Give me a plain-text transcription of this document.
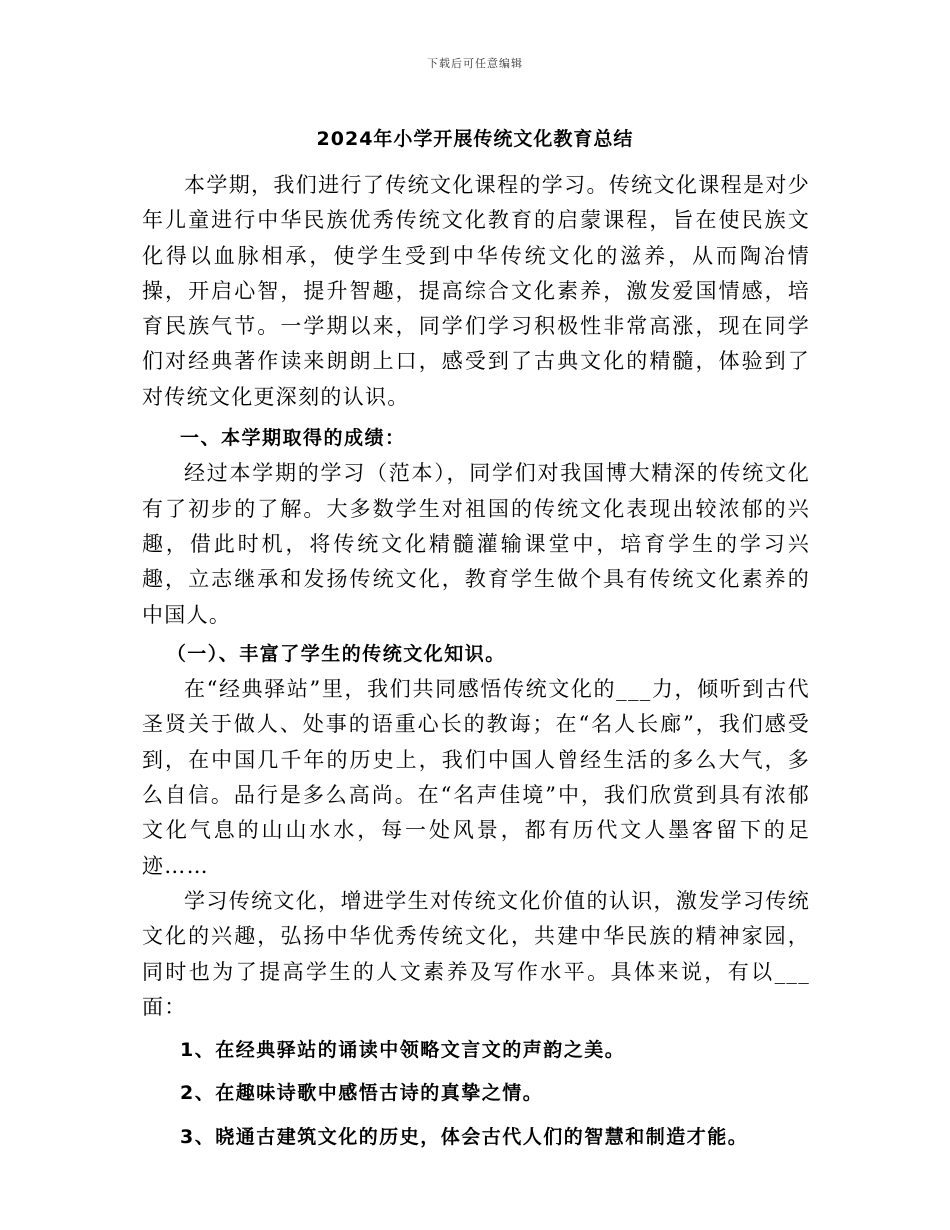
下载后可任意编辑
2024年小学开展传统文化教育总结

本学期，我们进行了传统文化课程的学习。传统文化课程是对少年儿童进行中华民族优秀传统文化教育的启蒙课程，旨在使民族文化得以血脉相承，使学生受到中华传统文化的滋养，从而陶冶情操，开启心智，提升智趣，提高综合文化素养，激发爱国情感，培育民族气节。一学期以来，同学们学习积极性非常高涨，现在同学们对经典著作读来朗朗上口，感受到了古典文化的精髓，体验到了对传统文化更深刻的认识。

一、本学期取得的成绩：

经过本学期的学习（范本），同学们对我国博大精深的传统文化有了初步的了解。大多数学生对祖国的传统文化表现出较浓郁的兴趣，借此时机，将传统文化精髓灌输课堂中，培育学生的学习兴趣，立志继承和发扬传统文化，教育学生做个具有传统文化素养的中国人。

（一）、丰富了学生的传统文化知识。

在“经典驿站”里，我们共同感悟传统文化的___力，倾听到古代圣贤关于做人、处事的语重心长的教诲；在“名人长廊”，我们感受到，在中国几千年的历史上，我们中国人曾经生活的多么大气，多么自信。品行是多么高尚。在“名声佳境”中，我们欣赏到具有浓郁文化气息的山山水水，每一处风景，都有历代文人墨客留下的足迹……

学习传统文化，增进学生对传统文化价值的认识，激发学习传统文化的兴趣，弘扬中华优秀传统文化，共建中华民族的精神家园，同时也为了提高学生的人文素养及写作水平。具体来说，有以___面：

1、在经典驿站的诵读中领略文言文的声韵之美。

2、在趣味诗歌中感悟古诗的真挚之情。

3、晓通古建筑文化的历史，体会古代人们的智慧和制造才能。
